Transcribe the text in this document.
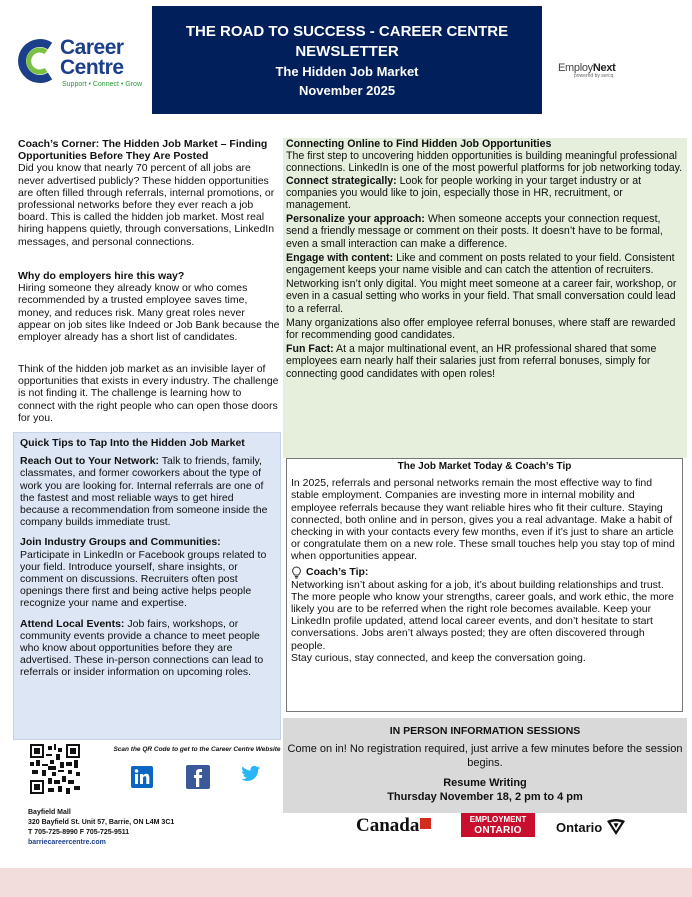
Career
Centre
Support • Connect • Grow
THE ROAD TO SUCCESS - CAREER CENTRE
NEWSLETTER
The Hidden Job Market
November 2025
EmployNext
powered by sercq
Coach’s Corner: The Hidden Job Market – Finding Opportunities Before They Are Posted
Did you know that nearly 70 percent of all jobs are never advertised publicly? These hidden opportunities are often filled through referrals, internal promotions, or professional networks before they ever reach a job board. This is called the hidden job market. Most real hiring happens quietly, through conversations, LinkedIn messages, and personal connections.
Why do employers hire this way?
Hiring someone they already know or who comes recommended by a trusted employee saves time, money, and reduces risk. Many great roles never appear on job sites like Indeed or Job Bank because the employer already has a short list of candidates.
Think of the hidden job market as an invisible layer of opportunities that exists in every industry. The challenge is not finding it. The challenge is learning how to connect with the right people who can open those doors for you.
Quick Tips to Tap Into the Hidden Job Market

Reach Out to Your Network: Talk to friends, family, classmates, and former coworkers about the type of work you are looking for. Internal referrals are one of the fastest and most reliable ways to get hired because a recommendation from someone inside the company builds immediate trust.

Join Industry Groups and Communities:
Participate in LinkedIn or Facebook groups related to your field. Introduce yourself, share insights, or comment on discussions. Recruiters often post openings there first and being active helps people recognize your name and expertise.

Attend Local Events: Job fairs, workshops, or community events provide a chance to meet people who know about opportunities before they are advertised. These in-person connections can lead to referrals or insider information on upcoming roles.

Connecting Online to Find Hidden Job Opportunities

The first step to uncovering hidden opportunities is building meaningful professional connections. LinkedIn is one of the most powerful platforms for job networking today.

Connect strategically: Look for people working in your target industry or at companies you would like to join, especially those in HR, recruitment, or management.

Personalize your approach: When someone accepts your connection request, send a friendly message or comment on their posts. It doesn’t have to be formal, even a small interaction can make a difference.

Engage with content: Like and comment on posts related to your field. Consistent engagement keeps your name visible and can catch the attention of recruiters.

Networking isn’t only digital. You might meet someone at a career fair, workshop, or even in a casual setting who works in your field. That small conversation could lead to a referral.

Many organizations also offer employee referral bonuses, where staff are rewarded for recommending good candidates.

Fun Fact: At a major multinational event, an HR professional shared that some employees earn nearly half their salaries just from referral bonuses, simply for connecting good candidates with open roles!

The Job Market Today & Coach’s Tip
In 2025, referrals and personal networks remain the most effective way to find stable employment. Companies are investing more in internal mobility and employee referrals because they want reliable hires who fit their culture. Staying connected, both online and in person, gives you a real advantage. Make a habit of checking in with your contacts every few months, even if it’s just to share an article or congratulate them on a new role. These small touches help you stay top of mind when opportunities appear.
Coach’s Tip:
Networking isn’t about asking for a job, it’s about building relationships and trust. The more people who know your strengths, career goals, and work ethic, the more likely you are to be referred when the right role becomes available. Keep your LinkedIn profile updated, attend local career events, and don’t hesitate to start conversations. Jobs aren’t always posted; they are often discovered through people.
Stay curious, stay connected, and keep the conversation going.
IN PERSON INFORMATION SESSIONS
Come on in! No registration required, just arrive a few minutes before the session begins.
Resume Writing
Thursday November 18, 2 pm to 4 pm
Scan the QR Code to get to the Career Centre Website
Bayfield Mall
320 Bayfield St. Unit 57, Barrie, ON L4M 3C1
T 705-725-8990 F 705-725-9511
barriecareercentre.com
Canada	EMPLOYMENT
ONTARIO	Ontario
